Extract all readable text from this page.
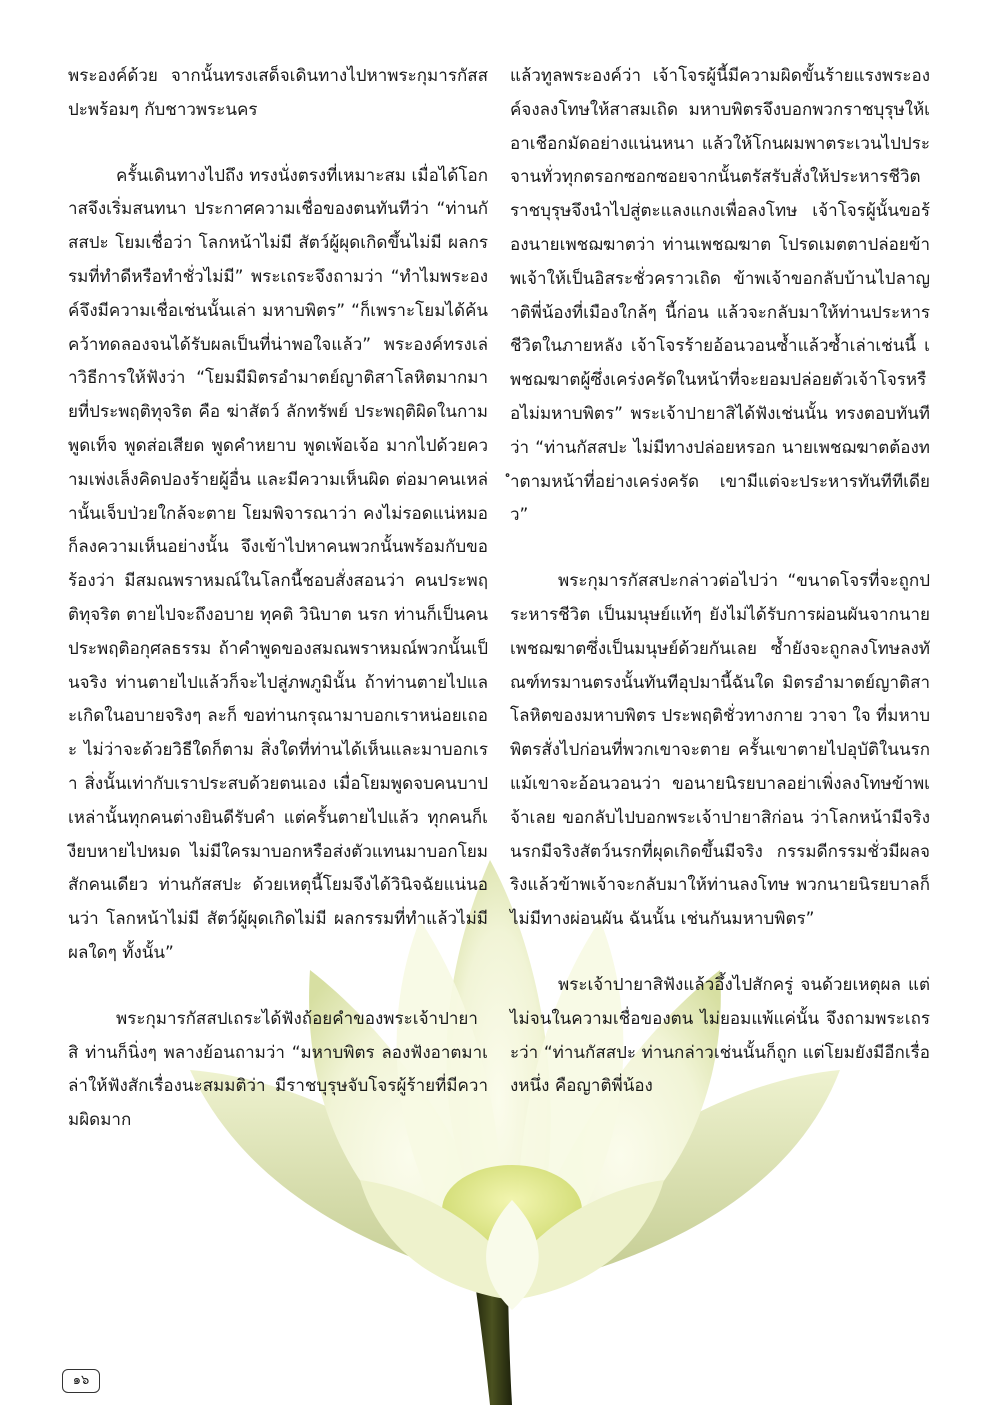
พระองค์ด้วย จากนั้นทรงเสด็จเดินทางไปหาพระกุมารกัสสปะพร้อมๆ กับชาวพระนคร

ครั้นเดินทางไปถึง ทรงนั่งตรงที่เหมาะสม เมื่อได้โอกาสจึงเริ่มสนทนา ประกาศความเชื่อของตนทันทีว่า “ท่านกัสสปะ โยมเชื่อว่า โลกหน้าไม่มี สัตว์ผู้ผุดเกิดขึ้นไม่มี ผลกรรมที่ทำดีหรือทำชั่วไม่มี” พระเถระจึงถามว่า “ทำไมพระองค์จึงมีความเชื่อเช่นนั้นเล่า มหาบพิตร” “ก็เพราะโยมได้ค้นคว้าทดลองจนได้รับผลเป็นที่น่าพอใจแล้ว” พระองค์ทรงเล่าวิธีการให้ฟังว่า “โยมมีมิตรอำมาตย์ญาติสาโลหิตมากมายที่ประพฤติทุจริต คือ ฆ่าสัตว์ ลักทรัพย์ ประพฤติผิดในกาม พูดเท็จ พูดส่อเสียด พูดคำหยาบ พูดเพ้อเจ้อ มากไปด้วยความเพ่งเล็งคิดปองร้ายผู้อื่น และมีความเห็นผิด ต่อมาคนเหล่านั้นเจ็บป่วยใกล้จะตาย โยมพิจารณาว่า คงไม่รอดแน่หมอก็ลงความเห็นอย่างนั้น จึงเข้าไปหาคนพวกนั้นพร้อมกับขอร้องว่า มีสมณพราหมณ์ในโลกนี้ชอบสั่งสอนว่า คนประพฤติทุจริต ตายไปจะถึงอบาย ทุคติ วินิบาต นรก ท่านก็เป็นคนประพฤติอกุศลธรรม ถ้าคำพูดของสมณพราหมณ์พวกนั้นเป็นจริง ท่านตายไปแล้วก็จะไปสู่ภพภูมินั้น ถ้าท่านตายไปและเกิดในอบายจริงๆ ละก็ ขอท่านกรุณามาบอกเราหน่อยเถอะ ไม่ว่าจะด้วยวิธีใดก็ตาม สิ่งใดที่ท่านได้เห็นและมาบอกเรา สิ่งนั้นเท่ากับเราประสบด้วยตนเอง เมื่อโยมพูดจบคนบาปเหล่านั้นทุกคนต่างยินดีรับคำ แต่ครั้นตายไปแล้ว ทุกคนก็เงียบหายไปหมด ไม่มีใครมาบอกหรือส่งตัวแทนมาบอกโยมสักคนเดียว ท่านกัสสปะ ด้วยเหตุนี้โยมจึงได้วินิจฉัยแน่นอนว่า โลกหน้าไม่มี สัตว์ผู้ผุดเกิดไม่มี ผลกรรมที่ทำแล้วไม่มีผลใดๆ ทั้งนั้น”

พระกุมารกัสสปเถระได้ฟังถ้อยคำของพระเจ้าปายาสิ ท่านก็นิ่งๆ พลางย้อนถามว่า “มหาบพิตร ลองฟังอาตมาเล่าให้ฟังสักเรื่องนะสมมติว่า มีราชบุรุษจับโจรผู้ร้ายที่มีความผิดมาก

แล้วทูลพระองค์ว่า เจ้าโจรผู้นี้มีความผิดขั้นร้ายแรงพระองค์จงลงโทษให้สาสมเถิด มหาบพิตรจึงบอกพวกราชบุรุษให้เอาเชือกมัดอย่างแน่นหนา แล้วให้โกนผมพาตระเวนไปประจานทั่วทุกตรอกซอกซอยจากนั้นตรัสรับสั่งให้ประหารชีวิต ราชบุรุษจึงนำไปสู่ตะแลงแกงเพื่อลงโทษ เจ้าโจรผู้นั้นขอร้องนายเพชฌฆาตว่า ท่านเพชฌฆาต โปรดเมตตาปล่อยข้าพเจ้าให้เป็นอิสระชั่วคราวเถิด ข้าพเจ้าขอกลับบ้านไปลาญาติพี่น้องที่เมืองใกล้ๆ นี้ก่อน แล้วจะกลับมาให้ท่านประหารชีวิตในภายหลัง เจ้าโจรร้ายอ้อนวอนซ้ำแล้วซ้ำเล่าเช่นนี้ เพชฌฆาตผู้ซึ่งเคร่งครัดในหน้าที่จะยอมปล่อยตัวเจ้าโจรหรือไม่มหาบพิตร” พระเจ้าปายาสิได้ฟังเช่นนั้น ทรงตอบทันทีว่า “ท่านกัสสปะ ไม่มีทางปล่อยหรอก นายเพชฌฆาตต้องทำตามหน้าที่อย่างเคร่งครัด เขามีแต่จะประหารทันทีทีเดียว”

พระกุมารกัสสปะกล่าวต่อไปว่า “ขนาดโจรที่จะถูกประหารชีวิต เป็นมนุษย์แท้ๆ ยังไม่ได้รับการผ่อนผันจากนายเพชฌฆาตซึ่งเป็นมนุษย์ด้วยกันเลย ซ้ำยังจะถูกลงโทษลงทัณฑ์ทรมานตรงนั้นทันทีอุปมานี้ฉันใด มิตรอำมาตย์ญาติสาโลหิตของมหาบพิตร ประพฤติชั่วทางกาย วาจา ใจ ที่มหาบพิตรสั่งไปก่อนที่พวกเขาจะตาย ครั้นเขาตายไปอุบัติในนรก แม้เขาจะอ้อนวอนว่า ขอนายนิรยบาลอย่าเพิ่งลงโทษข้าพเจ้าเลย ขอกลับไปบอกพระเจ้าปายาสิก่อน ว่าโลกหน้ามีจริง นรกมีจริงสัตว์นรกที่ผุดเกิดขึ้นมีจริง กรรมดีกรรมชั่วมีผลจริงแล้วข้าพเจ้าจะกลับมาให้ท่านลงโทษ พวกนายนิรยบาลก็ไม่มีทางผ่อนผัน ฉันนั้น เช่นกันมหาบพิตร”

พระเจ้าปายาสิฟังแล้วอึ้งไปสักครู่ จนด้วยเหตุผล แต่ไม่จนในความเชื่อของตน ไม่ยอมแพ้แค่นั้น จึงถามพระเถระว่า “ท่านกัสสปะ ท่านกล่าวเช่นนั้นก็ถูก แต่โยมยังมีอีกเรื่องหนึ่ง คือญาติพี่น้อง

๑๖
